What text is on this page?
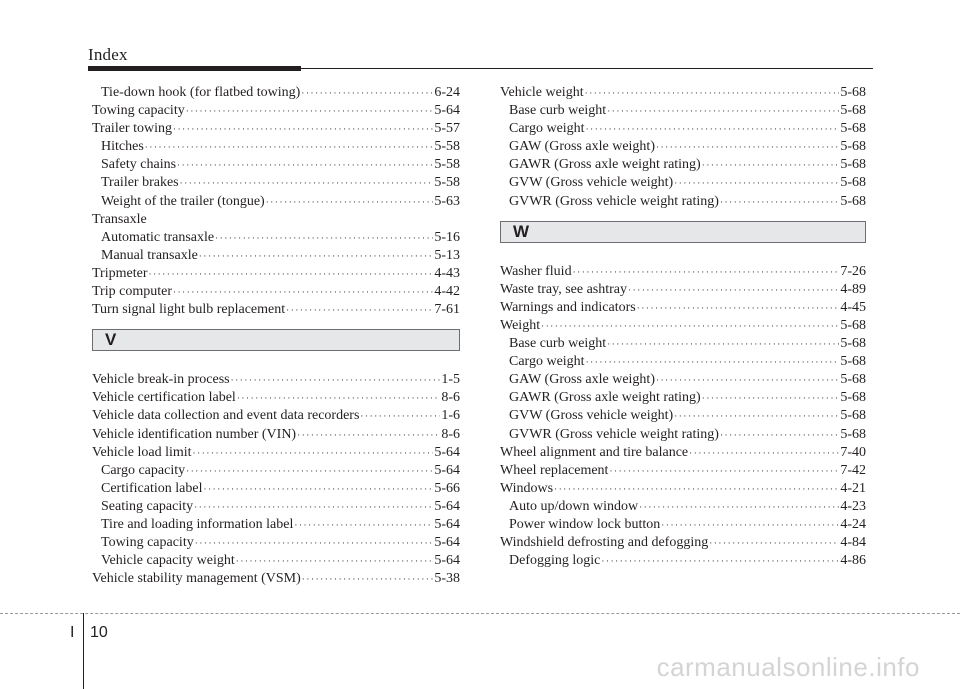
Index
Tie-down hook (for flatbed towing) ·····	6-24
Towing capacity ·····	5-64
Trailer towing ·····	5-57
Hitches ·····	5-58
Safety chains ·····	5-58
Trailer brakes ·····	5-58
Weight of the trailer (tongue) ·····	5-63
Transaxle
Automatic transaxle ·····	5-16
Manual transaxle ·····	5-13
Tripmeter ·····	4-43
Trip computer ·····	4-42
Turn signal light bulb replacement ·····	7-61
V
Vehicle break-in process ·····	1-5
Vehicle certification label ·····	8-6
Vehicle data collection and event data recorders ·····	1-6
Vehicle identification number (VIN) ·····	8-6
Vehicle load limit ·····	5-64
Cargo capacity ·····	5-64
Certification label ·····	5-66
Seating capacity ·····	5-64
Tire and loading information label ·····	5-64
Towing capacity ·····	5-64
Vehicle capacity weight ·····	5-64
Vehicle stability management (VSM) ·····	5-38
Vehicle weight ·····	5-68
Base curb weight ·····	5-68
Cargo weight ·····	5-68
GAW (Gross axle weight) ·····	5-68
GAWR (Gross axle weight rating) ·····	5-68
GVW (Gross vehicle weight) ·····	5-68
GVWR (Gross vehicle weight rating) ·····	5-68
W
Washer fluid ·····	7-26
Waste tray, see ashtray ·····	4-89
Warnings and indicators ·····	4-45
Weight ·····	5-68
Base curb weight ·····	5-68
Cargo weight ·····	5-68
GAW (Gross axle weight) ·····	5-68
GAWR (Gross axle weight rating) ·····	5-68
GVW (Gross vehicle weight) ·····	5-68
GVWR (Gross vehicle weight rating) ·····	5-68
Wheel alignment and tire balance ·····	7-40
Wheel replacement ·····	7-42
Windows ·····	4-21
Auto up/down window ·····	4-23
Power window lock button ·····	4-24
Windshield defrosting and defogging ·····	4-84
Defogging logic ·····	4-86
I 10
carmanualsonline.info
